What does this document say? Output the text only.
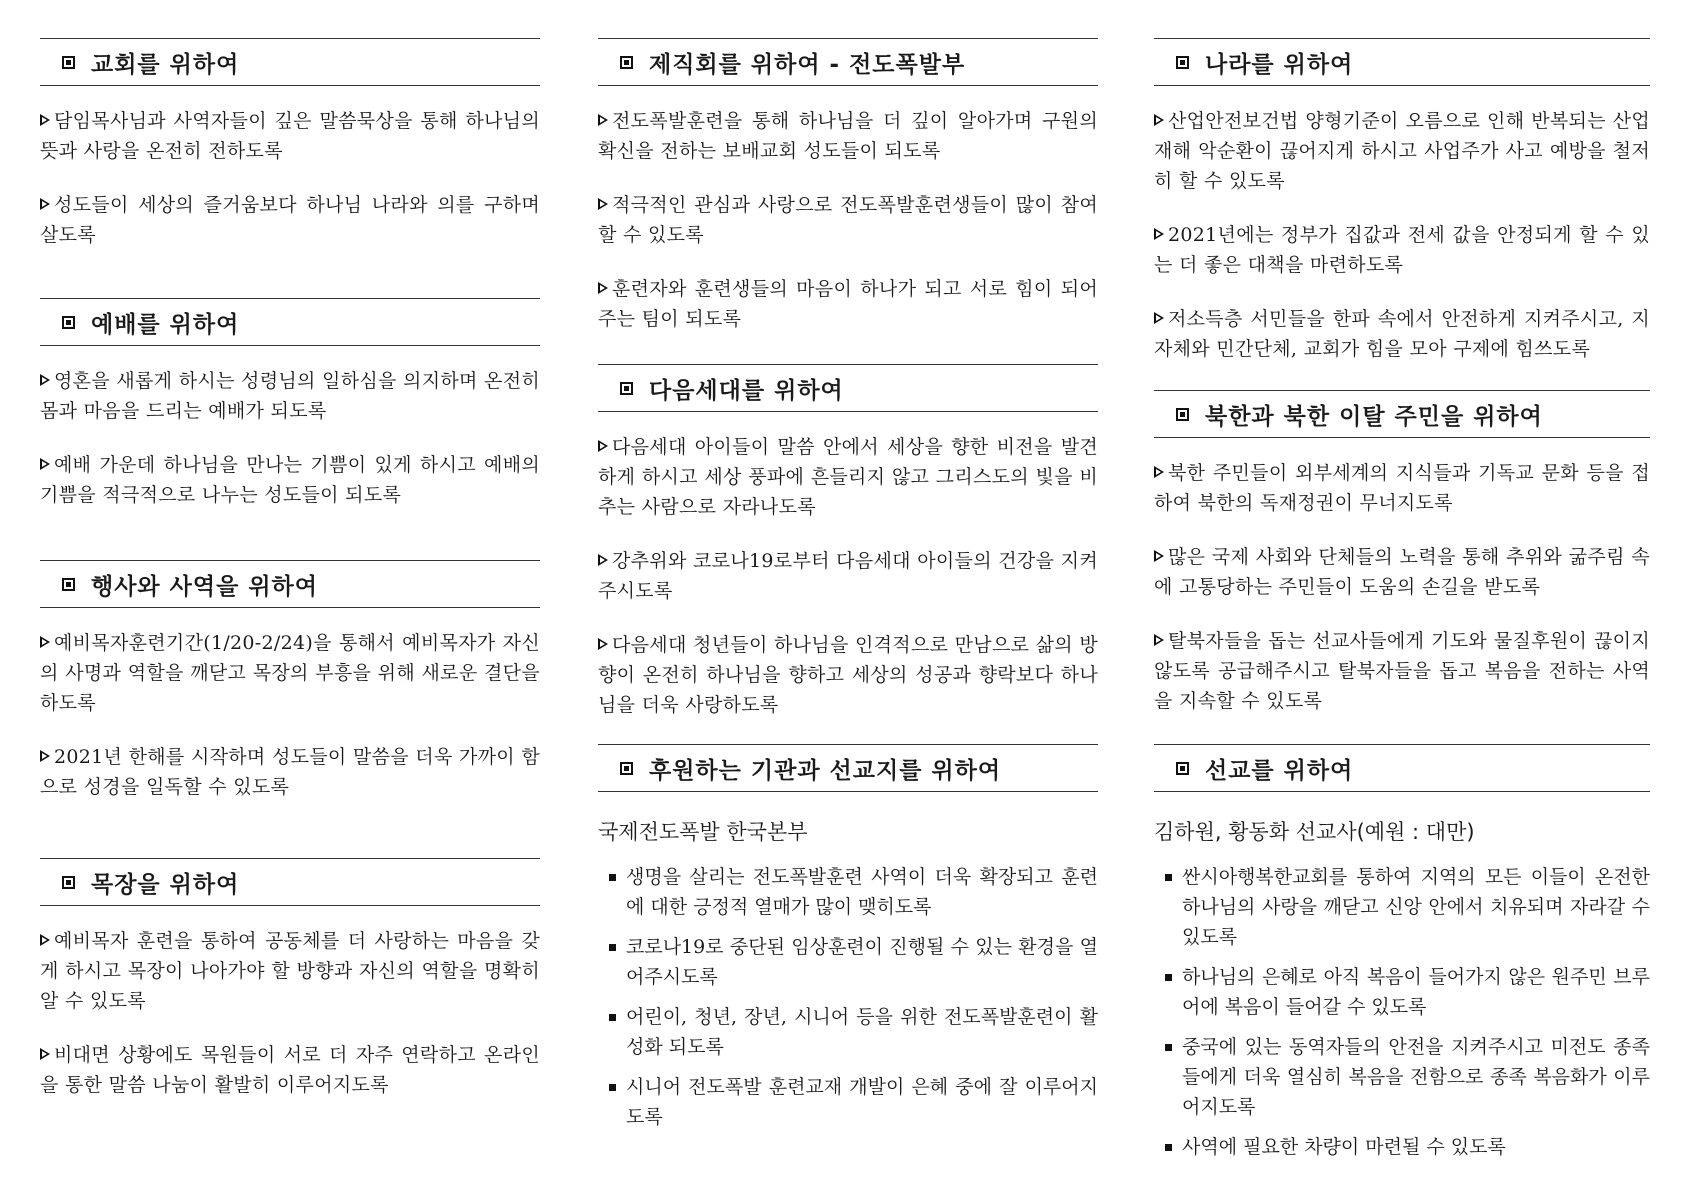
교회를 위하여
담임목사님과 사역자들이 깊은 말씀묵상을 통해 하나님의 뜻과 사랑을 온전히 전하도록
성도들이 세상의 즐거움보다 하나님 나라와 의를 구하며 살도록
예배를 위하여
영혼을 새롭게 하시는 성령님의 일하심을 의지하며 온전히 몸과 마음을 드리는 예배가 되도록
예배 가운데 하나님을 만나는 기쁨이 있게 하시고 예배의 기쁨을 적극적으로 나누는 성도들이 되도록
행사와 사역을 위하여
예비목자훈련기간(1/20-2/24)을 통해서 예비목자가 자신의 사명과 역할을 깨닫고 목장의 부흥을 위해 새로운 결단을 하도록
2021년 한해를 시작하며 성도들이 말씀을 더욱 가까이 함으로 성경을 일독할 수 있도록
목장을 위하여
예비목자 훈련을 통하여 공동체를 더 사랑하는 마음을 갖게 하시고 목장이 나아가야 할 방향과 자신의 역할을 명확히 알 수 있도록
비대면 상황에도 목원들이 서로 더 자주 연락하고 온라인을 통한 말씀 나눔이 활발히 이루어지도록
제직회를 위하여 - 전도폭발부
전도폭발훈련을 통해 하나님을 더 깊이 알아가며 구원의 확신을 전하는 보배교회 성도들이 되도록
적극적인 관심과 사랑으로 전도폭발훈련생들이 많이 참여할 수 있도록
훈련자와 훈련생들의 마음이 하나가 되고 서로 힘이 되어주는 팀이 되도록
다음세대를 위하여
다음세대 아이들이 말씀 안에서 세상을 향한 비전을 발견하게 하시고 세상 풍파에 흔들리지 않고 그리스도의 빛을 비추는 사람으로 자라나도록
강추위와 코로나19로부터 다음세대 아이들의 건강을 지켜 주시도록
다음세대 청년들이 하나님을 인격적으로 만남으로 삶의 방향이 온전히 하나님을 향하고 세상의 성공과 향락보다 하나님을 더욱 사랑하도록
후원하는 기관과 선교지를 위하여
국제전도폭발 한국본부
생명을 살리는 전도폭발훈련 사역이 더욱 확장되고 훈련에 대한 긍정적 열매가 많이 맺히도록
코로나19로 중단된 임상훈련이 진행될 수 있는 환경을 열어주시도록
어린이, 청년, 장년, 시니어 등을 위한 전도폭발훈련이 활성화 되도록
시니어 전도폭발 훈련교재 개발이 은혜 중에 잘 이루어지도록
나라를 위하여
산업안전보건법 양형기준이 오름으로 인해 반복되는 산업재해 악순환이 끊어지게 하시고 사업주가 사고 예방을 철저히 할 수 있도록
2021년에는 정부가 집값과 전세 값을 안정되게 할 수 있는 더 좋은 대책을 마련하도록
저소득층 서민들을 한파 속에서 안전하게 지켜주시고, 지자체와 민간단체, 교회가 힘을 모아 구제에 힘쓰도록
북한과 북한 이탈 주민을 위하여
북한 주민들이 외부세계의 지식들과 기독교 문화 등을 접하여 북한의 독재정권이 무너지도록
많은 국제 사회와 단체들의 노력을 통해 추위와 굶주림 속에 고통당하는 주민들이 도움의 손길을 받도록
탈북자들을 돕는 선교사들에게 기도와 물질후원이 끊이지 않도록 공급해주시고 탈북자들을 돕고 복음을 전하는 사역을 지속할 수 있도록
선교를 위하여
김하원, 황동화 선교사(예원 : 대만)
싼시아행복한교회를 통하여 지역의 모든 이들이 온전한 하나님의 사랑을 깨닫고 신앙 안에서 치유되며 자라갈 수 있도록
하나님의 은혜로 아직 복음이 들어가지 않은 원주민 브루어에 복음이 들어갈 수 있도록
중국에 있는 동역자들의 안전을 지켜주시고 미전도 종족들에게 더욱 열심히 복음을 전함으로 종족 복음화가 이루어지도록
사역에 필요한 차량이 마련될 수 있도록
